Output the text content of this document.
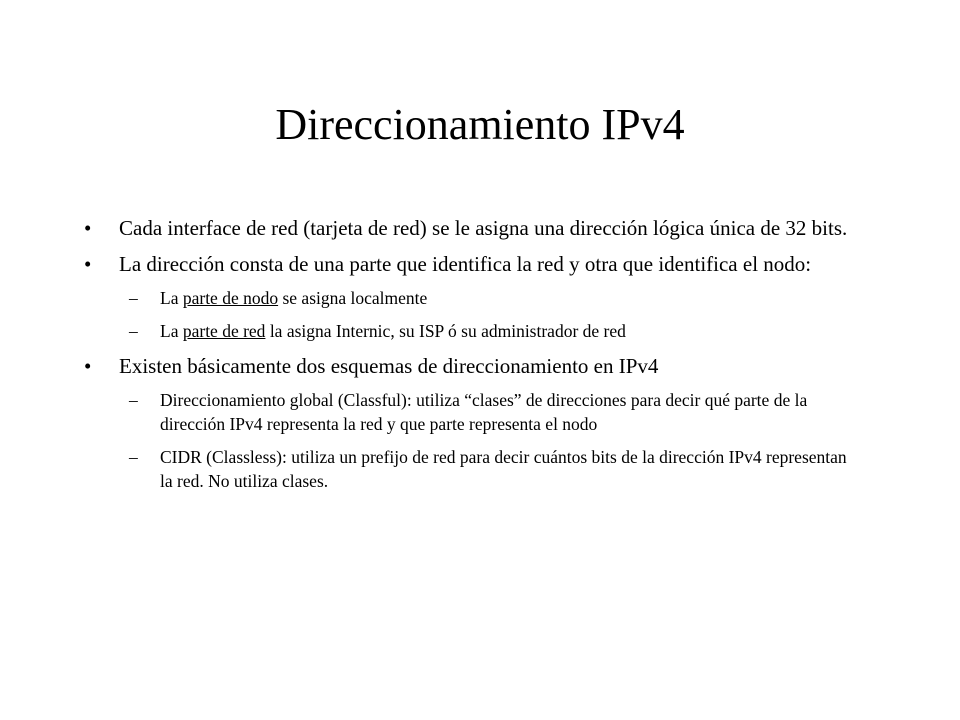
Direccionamiento IPv4
•	Cada interface de red (tarjeta de red) se le asigna una dirección lógica única de 32 bits.
•	La dirección consta de una parte que identifica la red y otra que identifica el nodo:
– La parte de nodo se asigna localmente
– La parte de red la asigna Internic, su ISP ó su administrador de red
•	Existen básicamente dos esquemas de direccionamiento en IPv4
– Direccionamiento global (Classful): utiliza “clases” de direcciones para decir qué parte de la dirección IPv4 representa la red y que parte representa el nodo
– CIDR (Classless): utiliza un prefijo de red para decir cuántos bits de la dirección IPv4 representan la red. No utiliza clases.
